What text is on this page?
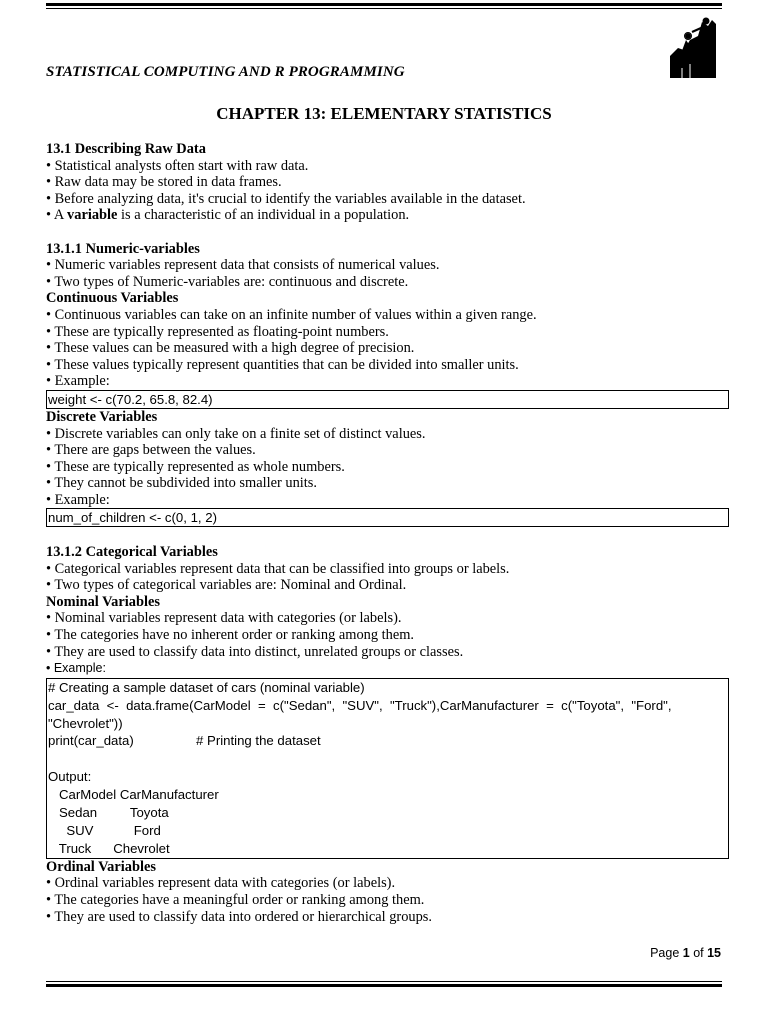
STATISTICAL COMPUTING AND R PROGRAMMING
CHAPTER 13: ELEMENTARY STATISTICS
13.1 Describing Raw Data
• Statistical analysts often start with raw data.
• Raw data may be stored in data frames.
• Before analyzing data, it's crucial to identify the variables available in the dataset.
• A variable is a characteristic of an individual in a population.
13.1.1 Numeric-variables
• Numeric variables represent data that consists of numerical values.
• Two types of Numeric-variables are: continuous and discrete.
Continuous Variables
• Continuous variables can take on an infinite number of values within a given range.
• These are typically represented as floating-point numbers.
• These values can be measured with a high degree of precision.
• These values typically represent quantities that can be divided into smaller units.
• Example:
weight <- c(70.2, 65.8, 82.4)
Discrete Variables
• Discrete variables can only take on a finite set of distinct values.
• There are gaps between the values.
• These are typically represented as whole numbers.
• They cannot be subdivided into smaller units.
• Example:
num_of_children <- c(0, 1, 2)
13.1.2 Categorical Variables
• Categorical variables represent data that can be classified into groups or labels.
• Two types of categorical variables are: Nominal and Ordinal.
Nominal Variables
• Nominal variables represent data with categories (or labels).
• The categories have no inherent order or ranking among them.
• They are used to classify data into distinct, unrelated groups or classes.
• Example:
# Creating a sample dataset of cars (nominal variable)
car_data  <-  data.frame(CarModel  =  c("Sedan",  "SUV",  "Truck"),CarManufacturer  =  c("Toyota",  "Ford",
"Chevrolet"))
print(car_data)                 # Printing the dataset
Output:
CarModel CarManufacturer
Sedan         Toyota
SUV           Ford
Truck      Chevrolet
Ordinal Variables
• Ordinal variables represent data with categories (or labels).
• The categories have a meaningful order or ranking among them.
• They are used to classify data into ordered or hierarchical groups.
Page 1 of 15
